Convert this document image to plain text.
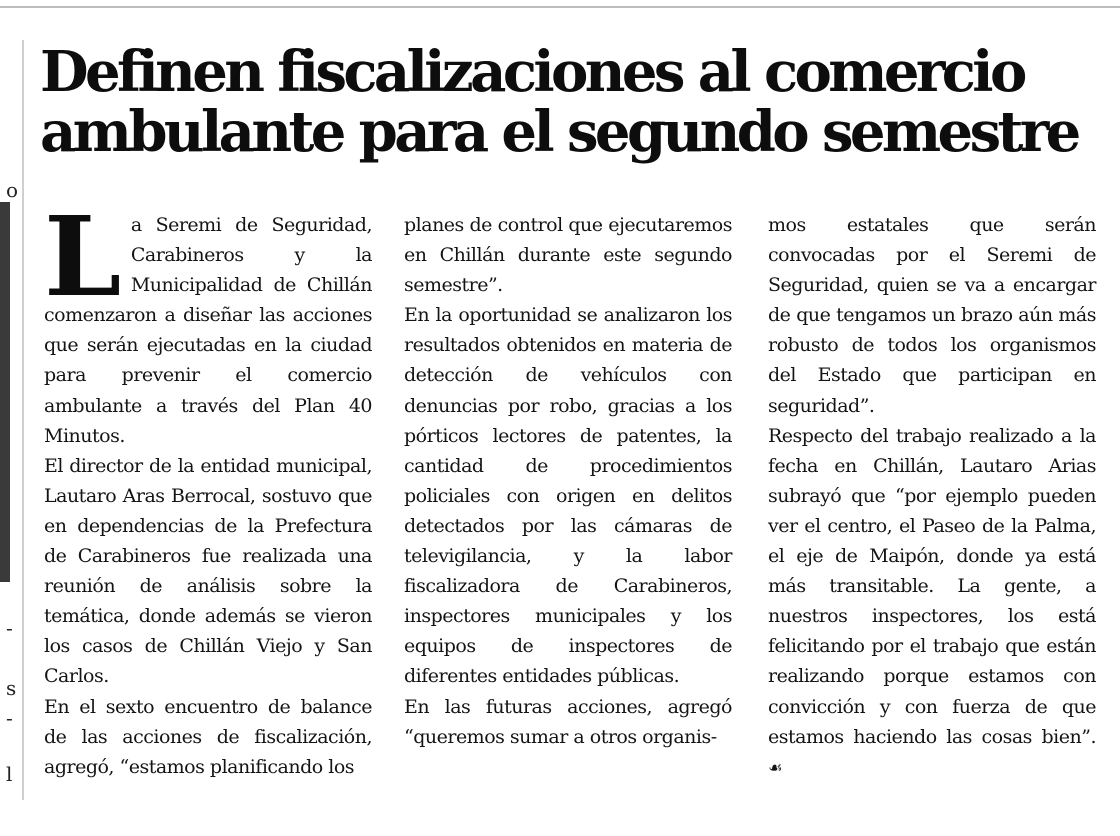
o
-
s
-
l
Definen fiscalizaciones al comercio
ambulante para el segundo semestre
L a Seremi de Seguridad, Carabineros y la Municipalidad de Chillán comenzaron a diseñar las acciones que serán ejecutadas en la ciudad para prevenir el comercio ambulante a través del Plan 40 Minutos.

El director de la entidad municipal, Lautaro Aras Berrocal, sostuvo que en dependencias de la Prefectura de Carabineros fue realizada una reunión de análisis sobre la temática, donde además se vieron los casos de Chillán Viejo y San Carlos.

En el sexto encuentro de balance de las acciones de fiscalización, agregó, “estamos planificando los

planes de control que ejecutaremos en Chillán durante este segundo semestre”.

En la oportunidad se analizaron los resultados obtenidos en materia de detección de vehículos con denuncias por robo, gracias a los pórticos lectores de patentes, la cantidad de procedimientos policiales con origen en delitos detectados por las cámaras de televigilancia, y la labor fiscalizadora de Carabineros, inspectores municipales y los equipos de inspectores de diferentes entidades públicas.

En las futuras acciones, agregó “queremos sumar a otros organis-

mos estatales que serán convocadas por el Seremi de Seguridad, quien se va a encargar de que tengamos un brazo aún más robusto de todos los organismos del Estado que participan en seguridad”.

Respecto del trabajo realizado a la fecha en Chillán, Lautaro Arias subrayó que “por ejemplo pueden ver el centro, el Paseo de la Palma, el eje de Maipón, donde ya está más transitable. La gente, a nuestros inspectores, los está felicitando por el trabajo que están realizando porque estamos con convicción y con fuerza de que estamos haciendo las cosas bien”. ☙
